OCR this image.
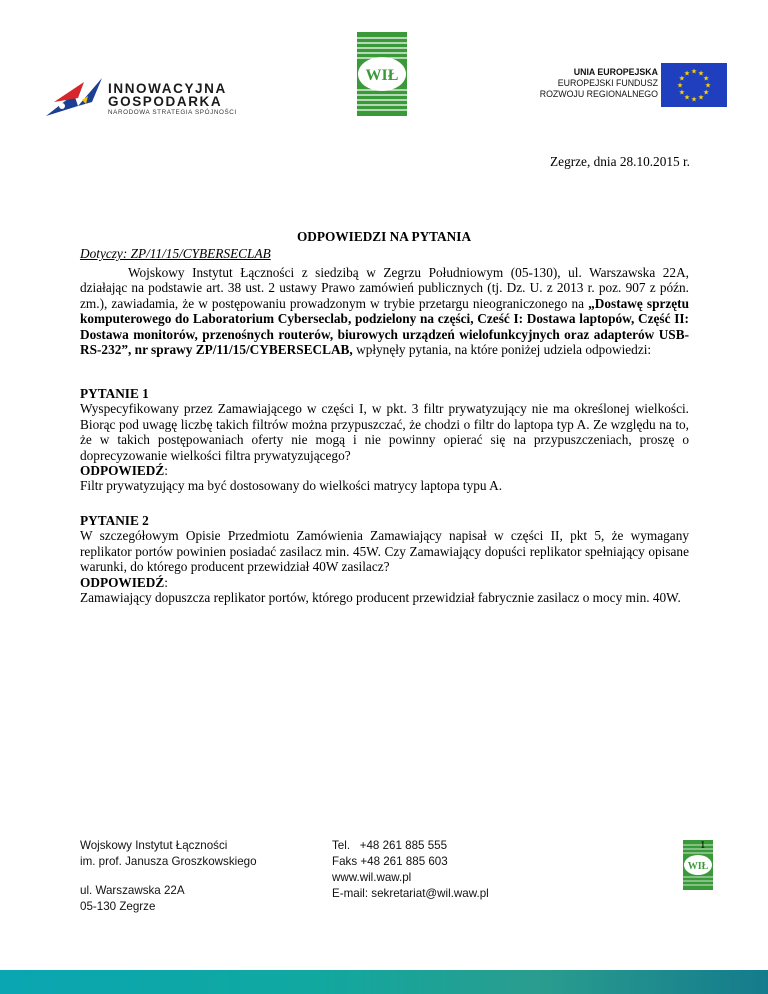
INNOWACYJNA
GOSPODARKA
NARODOWA STRATEGIA SPÓJNOŚCI
WIŁ	UNIA EUROPEJSKA
EUROPEJSKI FUNDUSZ
ROZWOJU REGIONALNEGO
★ ★
★
★
★
★
★
★
★
★
★
★
Zegrze, dnia 28.10.2015 r.
ODPOWIEDZI NA PYTANIA
Dotyczy: ZP/11/15/CYBERSECLAB
Wojskowy Instytut Łączności z siedzibą w Zegrzu Południowym (05-130), ul. Warszawska 22A, działając na podstawie art. 38 ust. 2 ustawy Prawo zamówień publicznych (tj. Dz. U. z 2013 r. poz. 907 z późn. zm.), zawiadamia, że w postępowaniu prowadzonym w trybie przetargu nieograniczonego na „Dostawę sprzętu komputerowego do Laboratorium Cyberseclab, podzielony na części, Cześć I: Dostawa laptopów, Część II: Dostawa monitorów, przenośnych routerów, biurowych urządzeń wielofunkcyjnych oraz adapterów USB-RS-232”, nr sprawy ZP/11/15/CYBERSECLAB, wpłynęły pytania, na które poniżej udziela odpowiedzi:
PYTANIE 1
Wyspecyfikowany przez Zamawiającego w części I, w pkt. 3 filtr prywatyzujący nie ma określonej wielkości. Biorąc pod uwagę liczbę takich filtrów można przypuszczać, że chodzi o filtr do laptopa typ A. Ze względu na to, że w takich postępowaniach oferty nie mogą i nie powinny opierać się na przypuszczeniach, proszę o doprecyzowanie wielkości filtra prywatyzującego?
ODPOWIEDŹ:
Filtr prywatyzujący ma być dostosowany do wielkości matrycy laptopa typu A.
PYTANIE 2
W szczegółowym Opisie Przedmiotu Zamówienia Zamawiający napisał w części II, pkt 5, że wymagany replikator portów powinien posiadać zasilacz min. 45W. Czy Zamawiający dopuści replikator spełniający opisane warunki, do którego producent przewidział 40W zasilacz?
ODPOWIEDŹ:
Zamawiający dopuszcza replikator portów, którego producent przewidział fabrycznie zasilacz o mocy min. 40W.
Wojskowy Instytut Łączności
im. prof. Janusza Groszkowskiego
ul. Warszawska 22A
05-130 Zegrze
Tel.   +48 261 885 555
Faks +48 261 885 603
www.wil.waw.pl
E-mail: sekretariat@wil.waw.pl
WIŁ
1
